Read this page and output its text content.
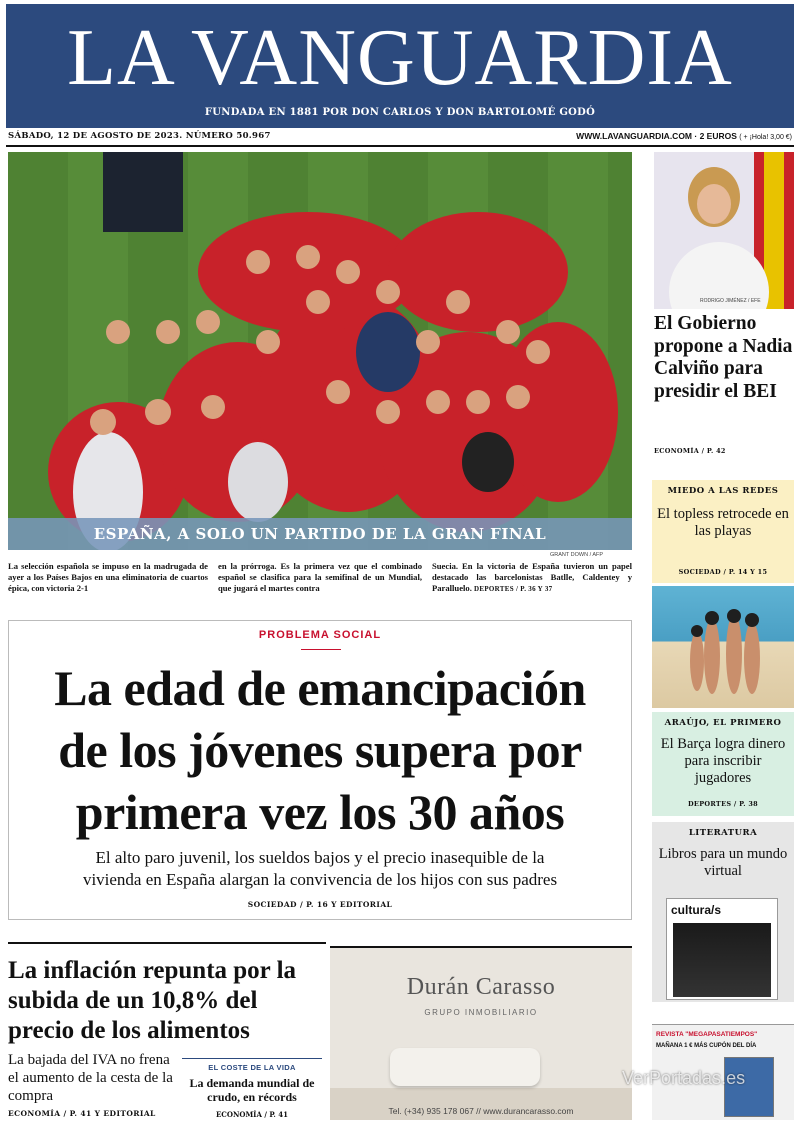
LA VANGUARDIA
FUNDADA EN 1881 POR DON CARLOS Y DON BARTOLOMÉ GODÓ
SÁBADO, 12 DE AGOSTO DE 2023. NÚMERO 50.967	WWW.LAVANGUARDIA.COM · 2 EUROS ( + ¡Hola! 3,00 €)
ESPAÑA, A SOLO UN PARTIDO DE LA GRAN FINAL
GRANT DOWN / AFP
La selección española se impuso en la madrugada de ayer a los Países Bajos en una eliminatoria de cuartos épica, con victoria 2-1
en la prórroga. Es la primera vez que el combinado español se clasifica para la semifinal de un Mundial, que jugará el martes contra
Suecia. En la victoria de España tuvieron un papel destacado las barcelonistas Batlle, Caldentey y Paralluelo. DEPORTES / P. 36 Y 37
PROBLEMA SOCIAL
La edad de emancipación
de los jóvenes supera por
primera vez los 30 años
El alto paro juvenil, los sueldos bajos y el precio inasequible de la
vivienda en España alargan la convivencia de los hijos con sus padres
SOCIEDAD / P. 16 Y EDITORIAL
La inflación repunta por la subida de un 10,8% del precio de los alimentos
La bajada del IVA no frena el aumento de la cesta de la compra
ECONOMÍA / P. 41 Y EDITORIAL
EL COSTE DE LA VIDA
La demanda mundial de crudo, en récords
ECONOMÍA / P. 41
Durán Carasso
GRUPO INMOBILIARIO
Tel. (+34) 935 178 067 // www.durancarasso.com
RODRIGO JIMÉNEZ / EFE
El Gobierno propone a Nadia Calviño para presidir el BEI
ECONOMÍA / P. 42
MIEDO A LAS REDES
El topless retrocede en las playas
SOCIEDAD / P. 14 Y 15
ARAÚJO, EL PRIMERO
El Barça logra dinero para inscribir jugadores
DEPORTES / P. 38
LITERATURA
Libros para un mundo virtual
cultura/s
REVISTA "MEGAPASATIEMPOS"
MAÑANA 1 € MÁS CUPÓN DEL DÍA
VerPortadas.es
